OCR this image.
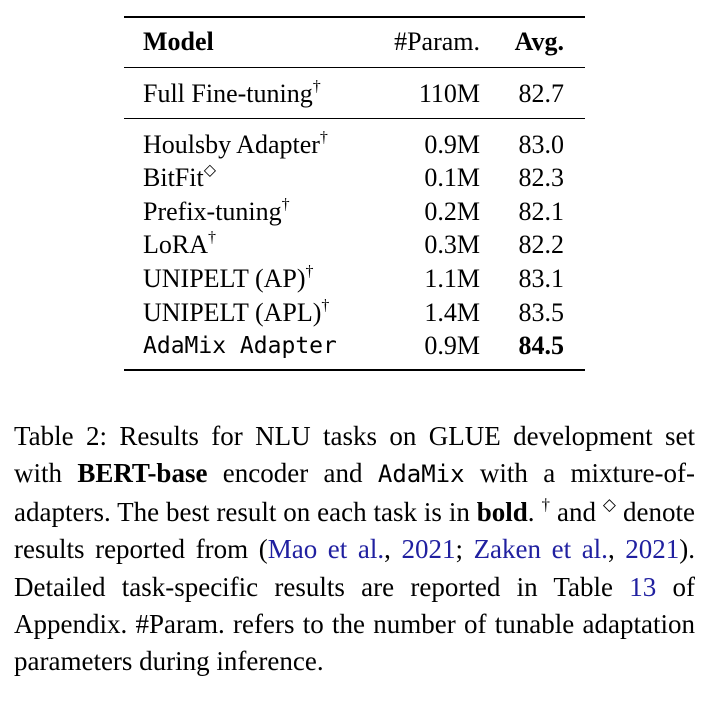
Model	#Param. Avg.
Full Fine-tuning†	110M 82.7
Houlsby Adapter†	0.9M 83.0
BitFit◇	0.1M 82.3
Prefix-tuning†	0.2M 82.1
LoRA†	0.3M 82.2
UNIPELT (AP)†	1.1M 83.1
UNIPELT (APL)†	1.4M 83.5
AdaMix Adapter	0.9M 84.5

Table 2: Results for NLU tasks on GLUE development set with BERT-base encoder and AdaMix with a mixture-of-adapters. The best result on each task is in bold. † and ◇ denote results reported from (Mao et al., 2021; Zaken et al., 2021). Detailed task-specific results are reported in Table 13 of Appendix. #Param. refers to the number of tunable adaptation parameters during inference.
